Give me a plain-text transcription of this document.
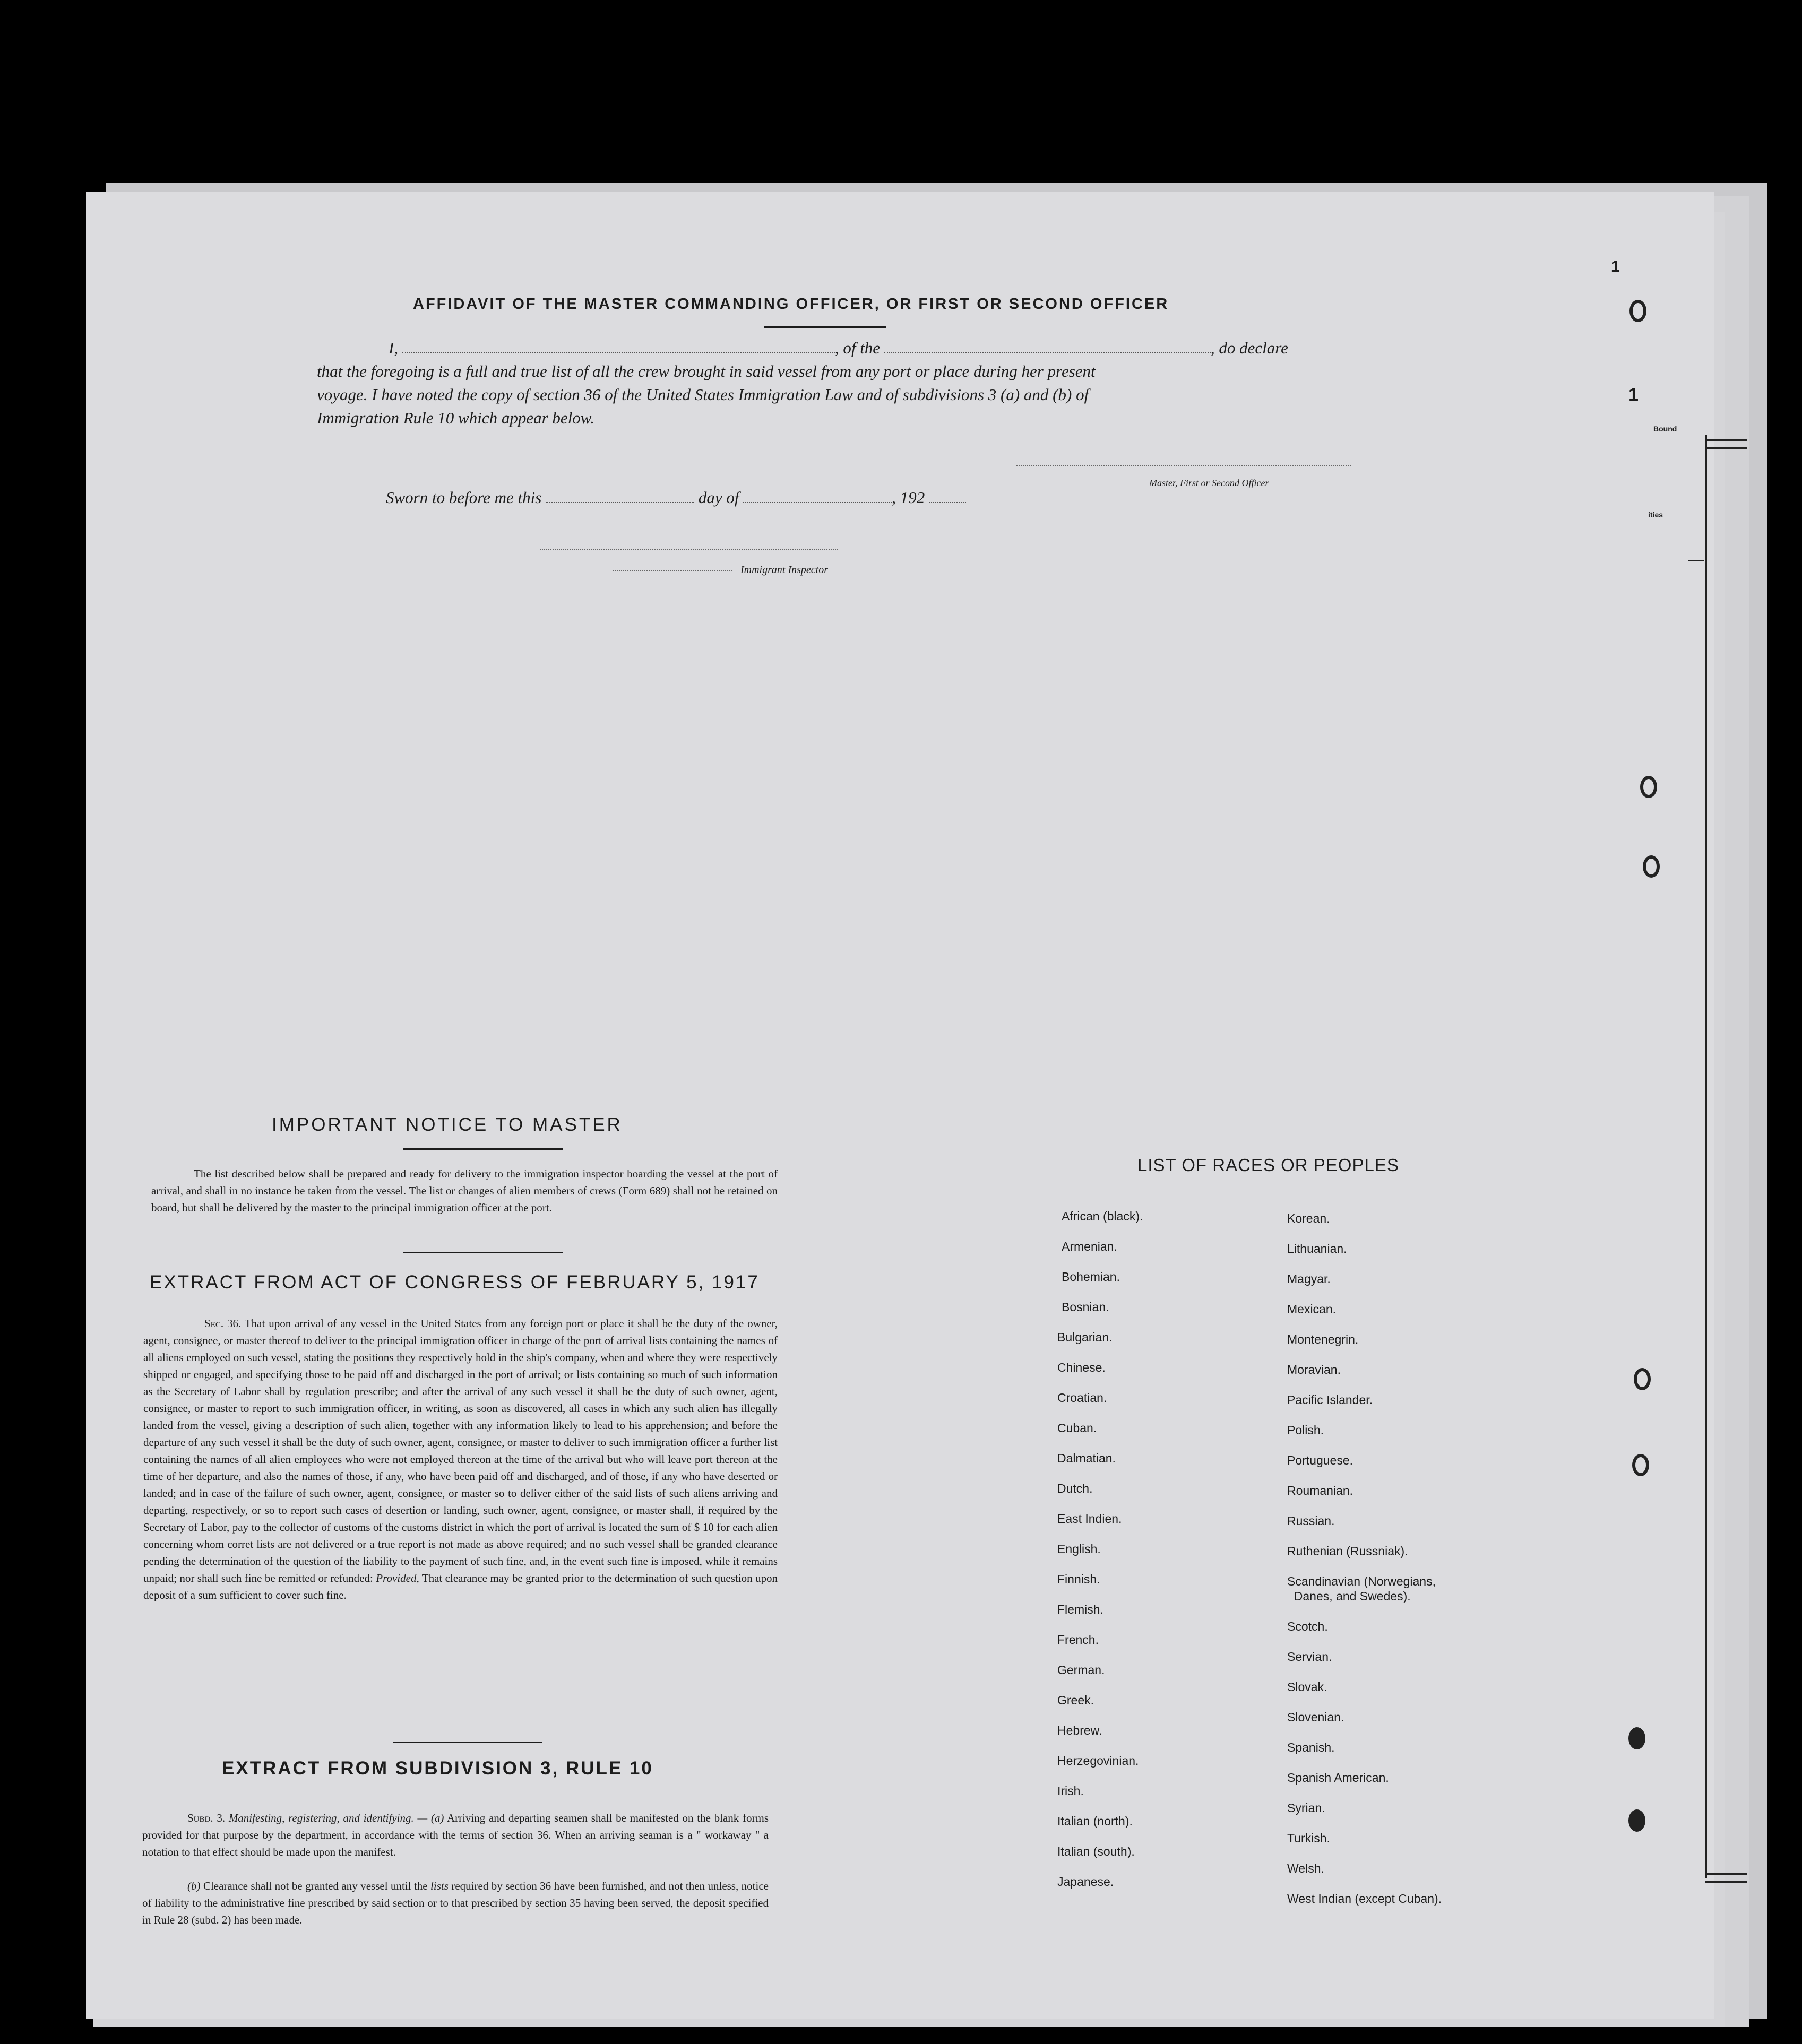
1
1
Bound
ities
AFFIDAVIT OF THE MASTER COMMANDING OFFICER, OR FIRST OR SECOND OFFICER
I,	, of the	, do declare
that the foregoing is a full and true list of all the crew brought in said vessel from any port or place during her present
voyage. I have noted the copy of section 36 of the United States Immigration Law and of subdivisions 3 (a) and (b) of
Immigration Rule 10 which appear below.
Master, First or Second Officer
Sworn to before me this	day of	, 192
Immigrant Inspector
IMPORTANT NOTICE TO MASTER
The list described below shall be prepared and ready for delivery to the immigration inspector boarding the vessel at the port of arrival, and shall in no instance be taken from the vessel. The list or changes of alien members of crews (Form 689) shall not be retained on board, but shall be delivered by the master to the principal immigration officer at the port.
EXTRACT FROM ACT OF CONGRESS OF FEBRUARY 5, 1917
Sec. 36. That upon arrival of any vessel in the United States from any foreign port or place it shall be the duty of the owner, agent, consignee, or master thereof to deliver to the principal immigration officer in charge of the port of arrival lists containing the names of all aliens employed on such vessel, stating the positions they respectively hold in the ship's company, when and where they were respectively shipped or engaged, and specifying those to be paid off and discharged in the port of arrival; or lists containing so much of such information as the Secretary of Labor shall by regulation prescribe; and after the arrival of any such vessel it shall be the duty of such owner, agent, consignee, or master to report to such immigration officer, in writing, as soon as discovered, all cases in which any such alien has illegally landed from the vessel, giving a description of such alien, together with any information likely to lead to his apprehension; and before the departure of any such vessel it shall be the duty of such owner, agent, consignee, or master to deliver to such immigration officer a further list containing the names of all alien employees who were not employed thereon at the time of the arrival but who will leave port thereon at the time of her departure, and also the names of those, if any, who have been paid off and discharged, and of those, if any who have deserted or landed; and in case of the failure of such owner, agent, consignee, or master so to deliver either of the said lists of such aliens arriving and departing, respectively, or so to report such cases of desertion or landing, such owner, agent, consignee, or master shall, if required by the Secretary of Labor, pay to the collector of customs of the customs district in which the port of arrival is located the sum of $ 10 for each alien concerning whom corret lists are not delivered or a true report is not made as above required; and no such vessel shall be granded clearance pending the determination of the question of the liability to the payment of such fine, and, in the event such fine is imposed, while it remains unpaid; nor shall such fine be remitted or refunded: Provided, That clearance may be granted prior to the determination of such question upon deposit of a sum sufficient to cover such fine.
EXTRACT FROM SUBDIVISION 3, RULE 10
Subd. 3. Manifesting, registering, and identifying. — (a) Arriving and departing seamen shall be manifested on the blank forms provided for that purpose by the department, in accordance with the terms of section 36. When an arriving seaman is a " workaway " a notation to that effect should be made upon the manifest.
(b) Clearance shall not be granted any vessel until the lists required by section 36 have been furnished, and not then unless, notice of liability to the administrative fine prescribed by said section or to that prescribed by section 35 having been served, the deposit specified in Rule 28 (subd. 2) has been made.
LIST OF RACES OR PEOPLES
African (black).
Armenian.
Bohemian.
Bosnian.
Bulgarian.
Chinese.
Croatian.
Cuban.
Dalmatian.
Dutch.
East Indien.
English.
Finnish.
Flemish.
French.
German.
Greek.
Hebrew.
Herzegovinian.
Irish.
Italian (north).
Italian (south).
Japanese.
Korean.
Lithuanian.
Magyar.
Mexican.
Montenegrin.
Moravian.
Pacific Islander.
Polish.
Portuguese.
Roumanian.
Russian.
Ruthenian (Russniak).
Scandinavian (Norwegians,
Danes, and Swedes).
Scotch.
Servian.
Slovak.
Slovenian.
Spanish.
Spanish American.
Syrian.
Turkish.
Welsh.
West Indian (except Cuban).
